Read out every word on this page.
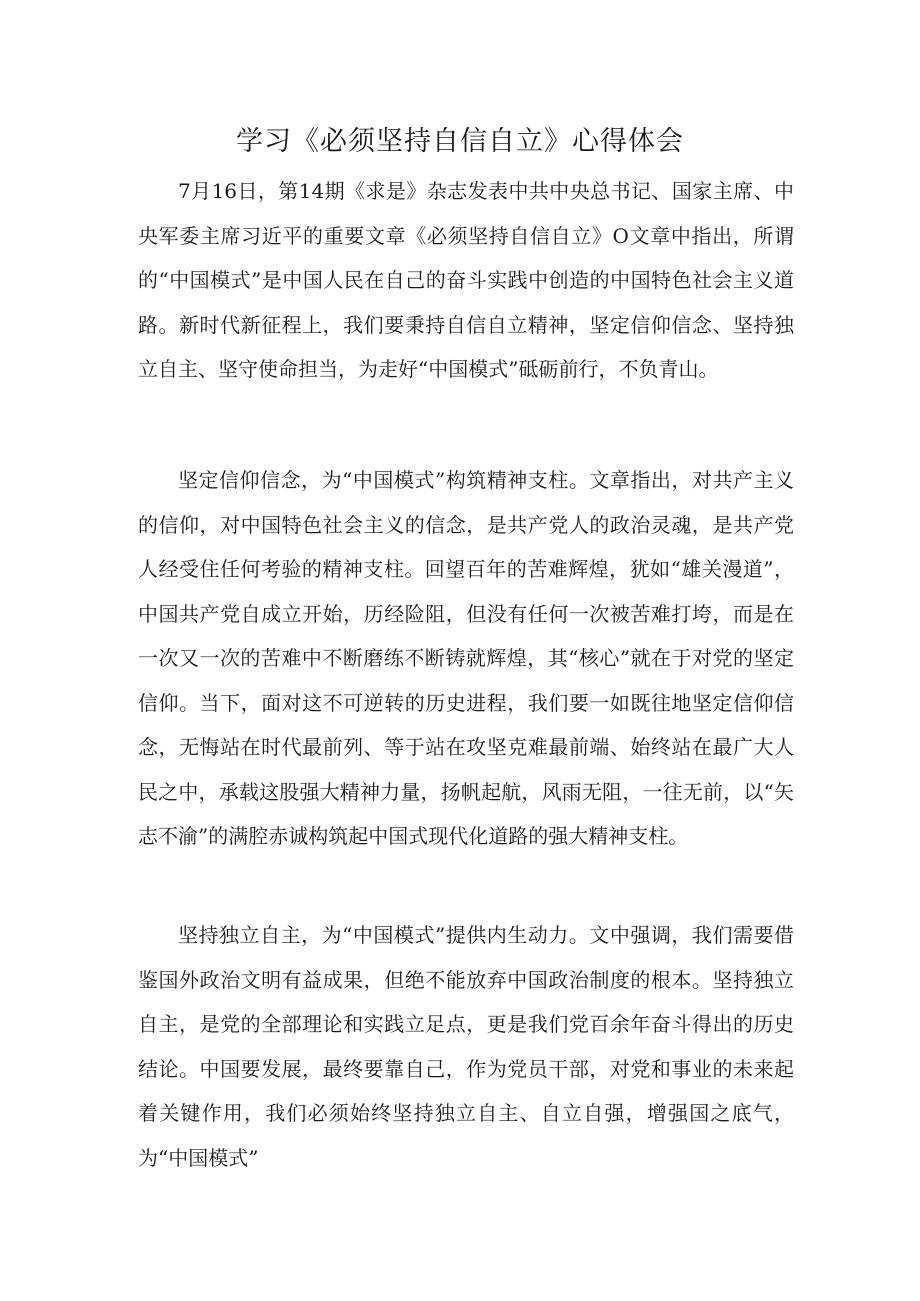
学习《必须坚持自信自立》心得体会

7月16日，第14期《求是》杂志发表中共中央总书记、国家主席、中央军委主席习近平的重要文章《必须坚持自信自立》O文章中指出，所谓的“中国模式”是中国人民在自己的奋斗实践中创造的中国特色社会主义道路。新时代新征程上，我们要秉持自信自立精神，坚定信仰信念、坚持独立自主、坚守使命担当，为走好“中国模式”砥砺前行，不负青山。

坚定信仰信念，为“中国模式”构筑精神支柱。文章指出，对共产主义的信仰，对中国特色社会主义的信念，是共产党人的政治灵魂，是共产党人经受住任何考验的精神支柱。回望百年的苦难辉煌，犹如“雄关漫道”，中国共产党自成立开始，历经险阻，但没有任何一次被苦难打垮，而是在一次又一次的苦难中不断磨练不断铸就辉煌，其“核心”就在于对党的坚定信仰。当下，面对这不可逆转的历史进程，我们要一如既往地坚定信仰信念，无悔站在时代最前列、等于站在攻坚克难最前端、始终站在最广大人民之中，承载这股强大精神力量，扬帆起航，风雨无阻，一往无前，以“矢志不渝”的满腔赤诚构筑起中国式现代化道路的强大精神支柱。

坚持独立自主，为“中国模式”提供内生动力。文中强调，我们需要借鉴国外政治文明有益成果，但绝不能放弃中国政治制度的根本。坚持独立自主，是党的全部理论和实践立足点，更是我们党百余年奋斗得出的历史结论。中国要发展，最终要靠自己，作为党员干部，对党和事业的未来起着关键作用，我们必须始终坚持独立自主、自立自强，增强国之底气，为“中国模式”
